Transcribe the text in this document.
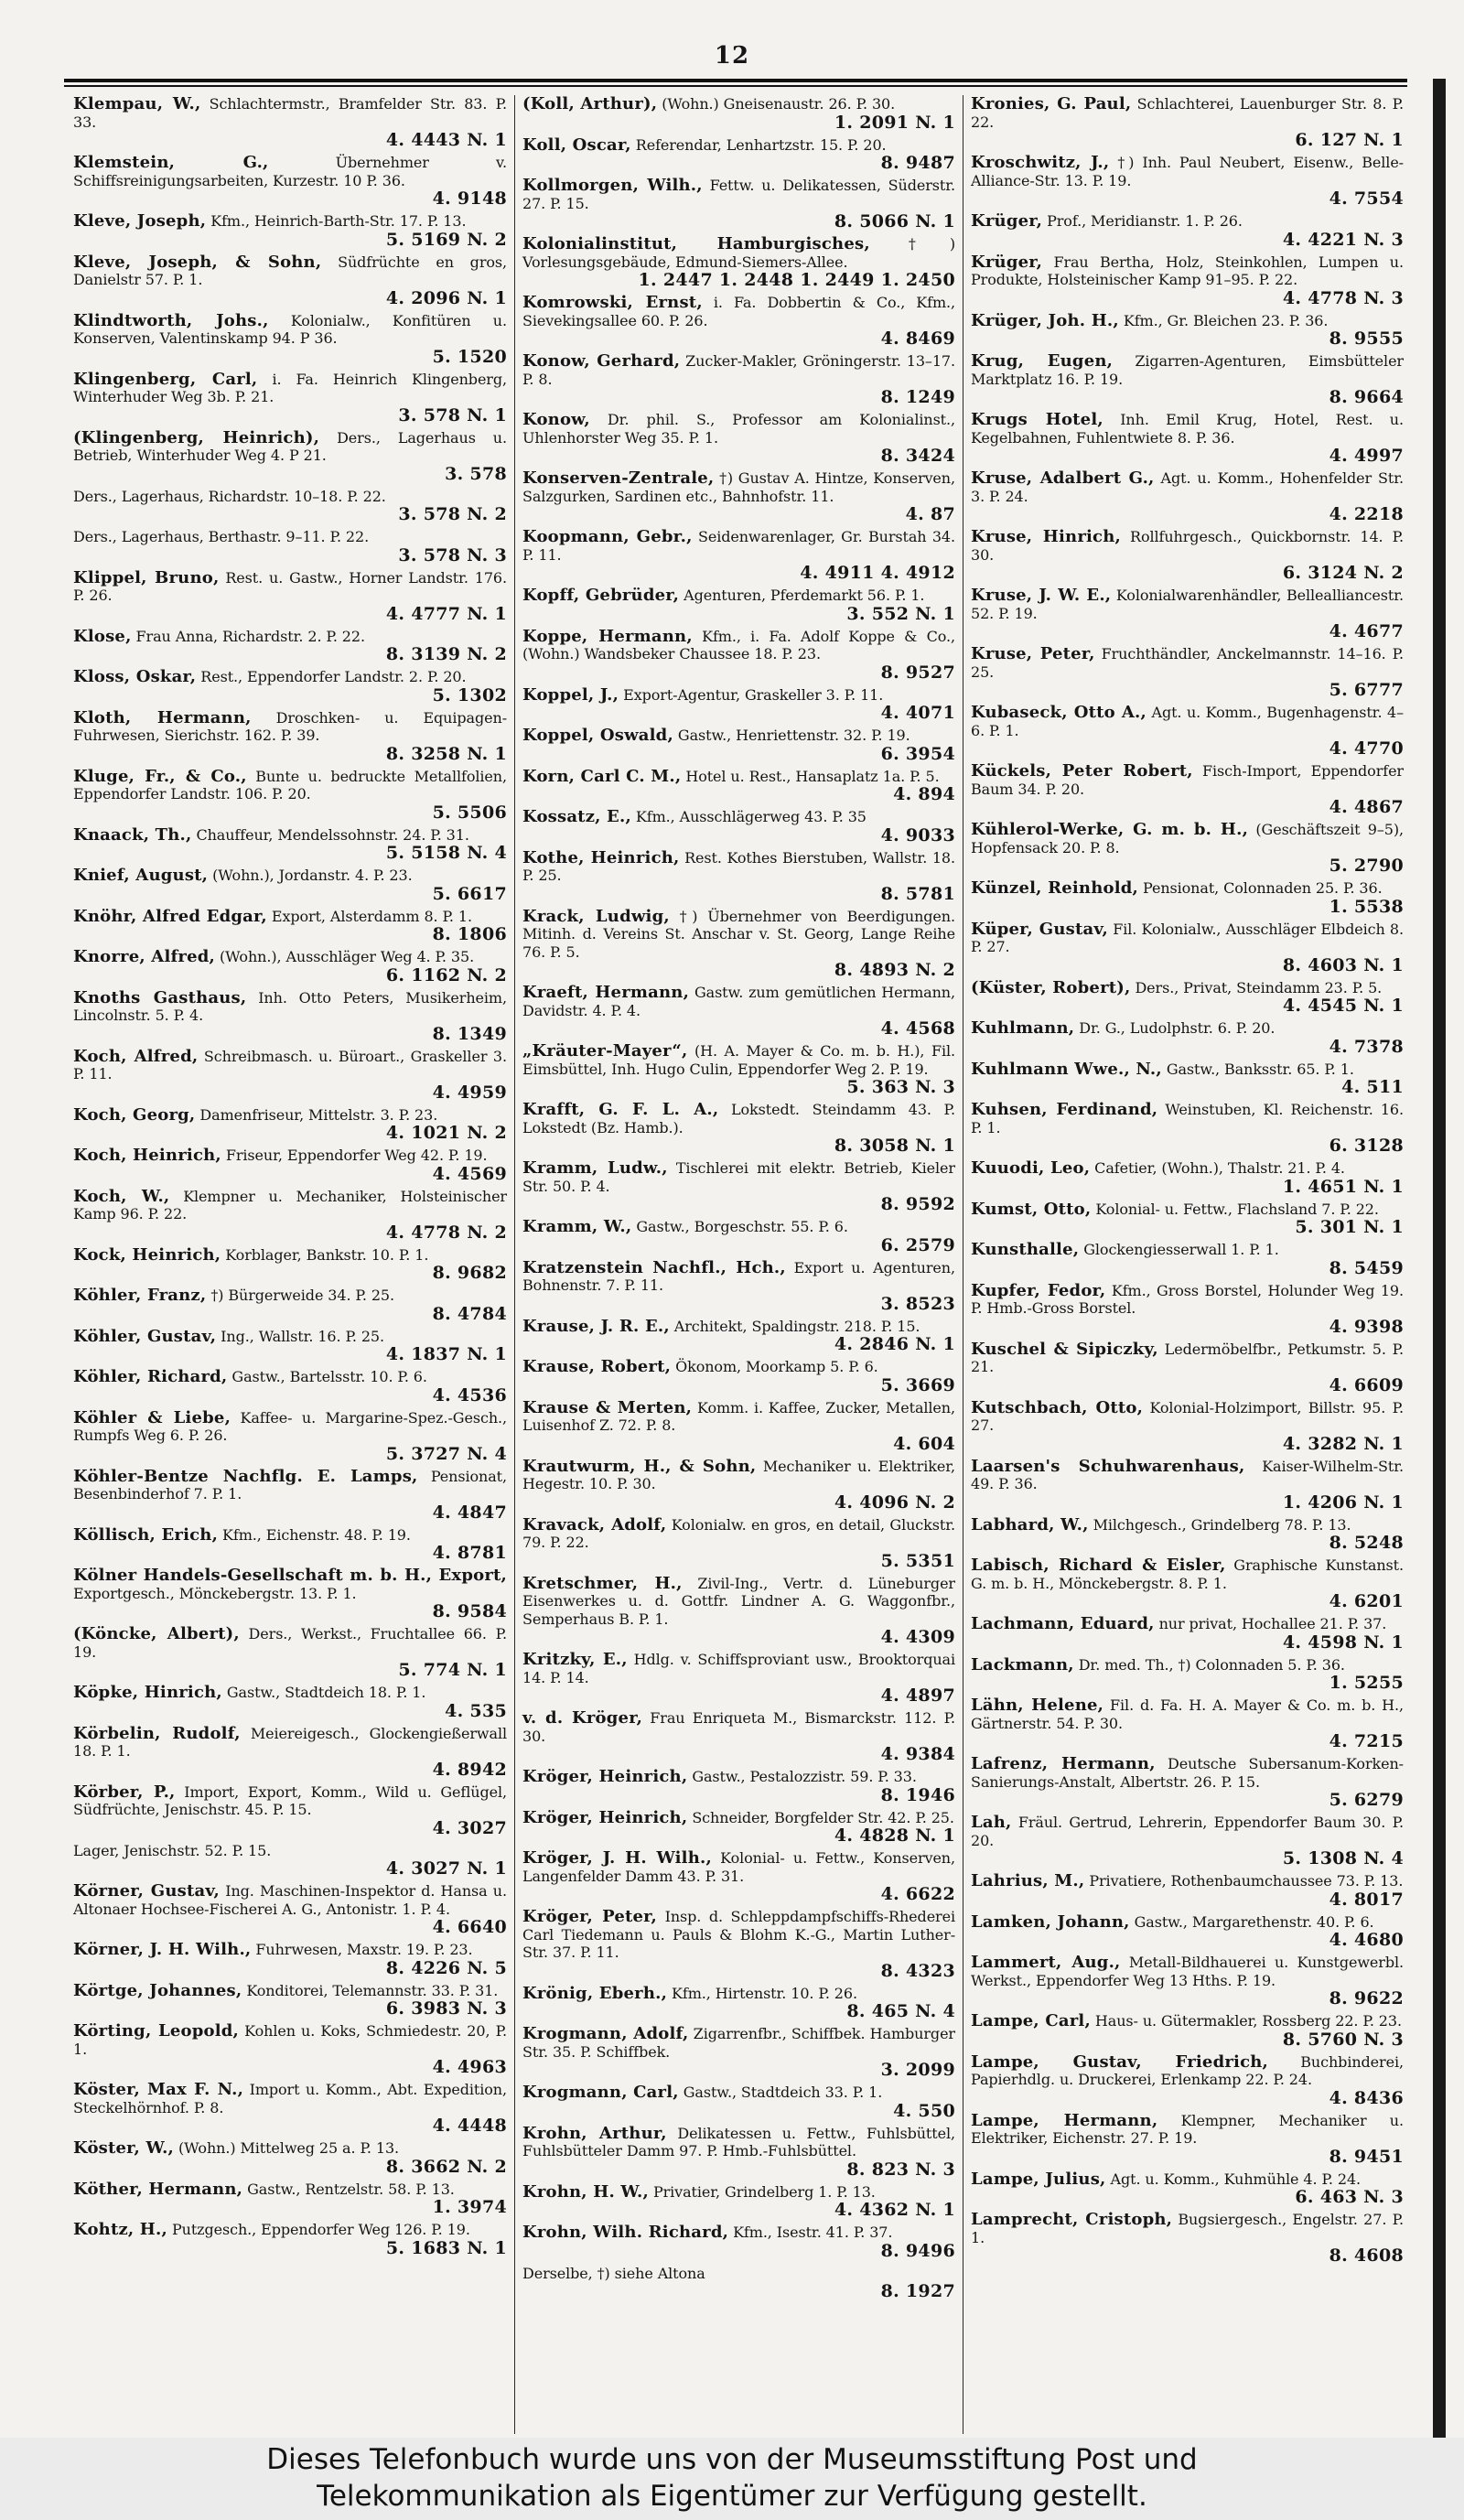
12
Klempau, W., Schlachtermstr., Bramfelder Str. 83. P. 33.
4. 4443 N. 1
Klemstein, G.,	Übernehmer v. Schiffsreinigungsarbeiten, Kurzestr. 10 P. 36.
4. 9148
Kleve, Joseph, Kfm., Heinrich-Barth-Str. 17. P. 13.
5. 5169 N. 2
Kleve, Joseph, & Sohn, Südfrüchte en gros, Danielstr 57. P. 1.
4. 2096 N. 1
Klindtworth, Johs., Kolonialw., Konfitüren u. Konserven, Valentinskamp 94. P 36.
5. 1520
Klingenberg, Carl, i. Fa. Heinrich Klingenberg, Winterhuder Weg 3b. P. 21.
3. 578 N. 1
(Klingenberg, Heinrich), Ders., Lagerhaus u. Betrieb, Winterhuder Weg 4. P 21.
3. 578
Ders., Lagerhaus, Richardstr. 10–18. P. 22.
3. 578 N. 2
Ders., Lagerhaus, Berthastr. 9–11. P. 22.
3. 578 N. 3
Klippel, Bruno, Rest. u. Gastw., Horner Landstr. 176. P. 26.
4. 4777 N. 1
Klose, Frau Anna, Richardstr. 2. P. 22.
8. 3139 N. 2
Kloss, Oskar, Rest., Eppendorfer Landstr. 2. P. 20.
5. 1302
Kloth, Hermann, Droschken- u. Equipagen-Fuhrwesen, Sierichstr. 162. P. 39.
8. 3258 N. 1
Kluge, Fr., & Co., Bunte u. bedruckte Metallfolien, Eppendorfer Landstr. 106. P. 20.
5. 5506
Knaack, Th., Chauffeur, Mendelssohnstr. 24. P. 31.
5. 5158 N. 4
Knief, August, (Wohn.), Jordanstr. 4. P. 23.
5. 6617
Knöhr, Alfred Edgar, Export, Alsterdamm 8. P. 1.
8. 1806
Knorre, Alfred, (Wohn.), Ausschläger Weg 4. P. 35.
6. 1162 N. 2
Knoths Gasthaus, Inh. Otto Peters, Musikerheim, Lincolnstr. 5. P. 4.
8. 1349
Koch, Alfred, Schreibmasch. u. Büroart., Graskeller 3. P. 11.
4. 4959
Koch, Georg, Damenfriseur, Mittelstr. 3. P. 23.
4. 1021 N. 2
Koch, Heinrich, Friseur, Eppendorfer Weg 42. P. 19.
4. 4569
Koch, W., Klempner u. Mechaniker, Holsteinischer Kamp 96. P. 22.
4. 4778 N. 2
Kock, Heinrich, Korblager, Bankstr. 10. P. 1.
8. 9682
Köhler, Franz, †) Bürgerweide 34. P. 25.
8. 4784
Köhler, Gustav, Ing., Wallstr. 16. P. 25.
4. 1837 N. 1
Köhler, Richard, Gastw., Bartelsstr. 10. P. 6.
4. 4536
Köhler & Liebe, Kaffee- u. Margarine-Spez.-Gesch., Rumpfs Weg 6. P. 26.
5. 3727 N. 4
Köhler-Bentze Nachflg. E. Lamps, Pensionat, Besenbinderhof 7. P. 1.
4. 4847
Köllisch, Erich, Kfm., Eichenstr. 48. P. 19.
4. 8781
Kölner Handels-Gesellschaft m. b. H., Export, Exportgesch., Mönckebergstr. 13. P. 1.
8. 9584
(Köncke, Albert), Ders., Werkst., Fruchtallee 66. P. 19.
5. 774 N. 1
Köpke, Hinrich, Gastw., Stadtdeich 18. P. 1.
4. 535
Körbelin, Rudolf, Meiereigesch., Glockengießerwall 18. P. 1.
4. 8942
Körber, P., Import, Export, Komm., Wild u. Geflügel, Südfrüchte, Jenischstr. 45. P. 15.
4. 3027
Lager, Jenischstr. 52. P. 15.
4. 3027 N. 1
Körner, Gustav, Ing. Maschinen-Inspektor d. Hansa u. Altonaer Hochsee-Fischerei A. G., Antonistr. 1. P. 4.
4. 6640
Körner, J. H. Wilh., Fuhrwesen, Maxstr. 19. P. 23.
8. 4226 N. 5
Körtge, Johannes, Konditorei, Telemannstr. 33. P. 31.
6. 3983 N. 3
Körting, Leopold, Kohlen u. Koks, Schmiedestr. 20, P. 1.
4. 4963
Köster, Max F. N., Import u. Komm., Abt. Expedition, Steckelhörnhof. P. 8.
4. 4448
Köster, W., (Wohn.) Mittelweg 25 a. P. 13.
8. 3662 N. 2
Köther, Hermann, Gastw., Rentzelstr. 58. P. 13.
1. 3974
Kohtz, H., Putzgesch., Eppendorfer Weg 126. P. 19.
5. 1683 N. 1
(Koll, Arthur), (Wohn.) Gneisenaustr. 26. P. 30.
1. 2091 N. 1
Koll, Oscar, Referendar, Lenhartzstr. 15. P. 20.
8. 9487
Kollmorgen, Wilh., Fettw. u. Delikatessen, Süderstr. 27. P. 15.
8. 5066 N. 1
Kolonialinstitut, Hamburgisches,	†) Vorlesungsgebäude, Edmund-Siemers-Allee.
1. 2447 1. 2448 1. 2449 1. 2450
Komrowski, Ernst, i. Fa. Dobbertin & Co., Kfm., Sievekingsallee 60. P. 26.
4. 8469
Konow, Gerhard, Zucker-Makler, Gröningerstr. 13–17. P. 8.
8. 1249
Konow, Dr. phil. S., Professor am Kolonialinst., Uhlenhorster Weg 35. P. 1.
8. 3424
Konserven-Zentrale, †) Gustav A. Hintze, Konserven, Salzgurken, Sardinen etc., Bahnhofstr. 11.
4. 87
Koopmann, Gebr., Seidenwarenlager, Gr. Burstah 34. P. 11.
4. 4911 4. 4912
Kopff, Gebrüder, Agenturen, Pferdemarkt 56. P. 1.
3. 552 N. 1
Koppe, Hermann, Kfm., i. Fa. Adolf Koppe & Co., (Wohn.) Wandsbeker Chaussee 18. P. 23.
8. 9527
Koppel, J., Export-Agentur, Graskeller 3. P. 11.
4. 4071
Koppel, Oswald, Gastw., Henriettenstr. 32. P. 19.
6. 3954
Korn, Carl C. M., Hotel u. Rest., Hansaplatz 1a. P. 5.
4. 894
Kossatz, E., Kfm., Ausschlägerweg 43. P. 35
4. 9033
Kothe, Heinrich, Rest. Kothes Bierstuben, Wallstr. 18. P. 25.
8. 5781
Krack, Ludwig, †) Übernehmer von Beerdigungen. Mitinh. d. Vereins St. Anschar v. St. Georg, Lange Reihe 76. P. 5.
8. 4893 N. 2
Kraeft, Hermann, Gastw. zum gemütlichen Hermann, Davidstr. 4. P. 4.
4. 4568
„Kräuter-Mayer“, (H. A. Mayer & Co. m. b. H.), Fil. Eimsbüttel, Inh. Hugo Culin, Eppendorfer Weg 2. P. 19.
5. 363 N. 3
Krafft, G. F. L. A., Lokstedt. Steindamm 43. P. Lokstedt (Bz. Hamb.).
8. 3058 N. 1
Kramm, Ludw., Tischlerei mit elektr. Betrieb, Kieler Str. 50. P. 4.
8. 9592
Kramm, W., Gastw., Borgeschstr. 55. P. 6.
6. 2579
Kratzenstein Nachfl., Hch., Export u. Agenturen, Bohnenstr. 7. P. 11.
3. 8523
Krause, J. R. E., Architekt, Spaldingstr. 218. P. 15.
4. 2846 N. 1
Krause, Robert, Ökonom, Moorkamp 5. P. 6.
5. 3669
Krause & Merten, Komm. i. Kaffee, Zucker, Metallen, Luisenhof Z. 72. P. 8.
4. 604
Krautwurm, H., & Sohn, Mechaniker u. Elektriker, Hegestr. 10. P. 30.
4. 4096 N. 2
Kravack, Adolf, Kolonialw. en gros, en detail, Gluckstr. 79. P. 22.
5. 5351
Kretschmer, H., Zivil-Ing., Vertr. d. Lüneburger Eisenwerkes u. d. Gottfr. Lindner A. G. Waggonfbr., Semperhaus B. P. 1.
4. 4309
Kritzky, E., Hdlg. v. Schiffsproviant usw., Brooktorquai 14. P. 14.
4. 4897
v. d. Kröger, Frau Enriqueta M., Bismarckstr. 112. P. 30.
4. 9384
Kröger, Heinrich, Gastw., Pestalozzistr. 59. P. 33.
8. 1946
Kröger, Heinrich, Schneider, Borgfelder Str. 42. P. 25.
4. 4828 N. 1
Kröger, J. H. Wilh., Kolonial- u. Fettw., Konserven, Langenfelder Damm 43. P. 31.
4. 6622
Kröger, Peter, Insp. d. Schleppdampfschiffs-Rhederei Carl Tiedemann u. Pauls & Blohm K.-G., Martin Luther-Str. 37. P. 11.
8. 4323
Krönig, Eberh., Kfm., Hirtenstr. 10. P. 26.
8. 465 N. 4
Krogmann, Adolf, Zigarrenfbr., Schiffbek. Hamburger Str. 35. P. Schiffbek.
3. 2099
Krogmann, Carl, Gastw., Stadtdeich 33. P. 1.
4. 550
Krohn, Arthur, Delikatessen u. Fettw., Fuhlsbüttel, Fuhlsbütteler Damm 97. P. Hmb.-Fuhlsbüttel.
8. 823 N. 3
Krohn, H. W., Privatier, Grindelberg 1. P. 13.
4. 4362 N. 1
Krohn, Wilh. Richard, Kfm., Isestr. 41. P. 37.
8. 9496
Derselbe, †) siehe Altona
8. 1927
Kronies, G. Paul, Schlachterei, Lauenburger Str. 8. P. 22.
6. 127 N. 1
Kroschwitz, J., †) Inh. Paul Neubert, Eisenw., Belle-Alliance-Str. 13. P. 19.
4. 7554
Krüger, Prof., Meridianstr. 1. P. 26.
4. 4221 N. 3
Krüger, Frau Bertha, Holz, Steinkohlen, Lumpen u. Produkte, Holsteinischer Kamp 91–95. P. 22.
4. 4778 N. 3
Krüger, Joh. H., Kfm., Gr. Bleichen 23. P. 36.
8. 9555
Krug, Eugen, Zigarren-Agenturen, Eimsbütteler Marktplatz 16. P. 19.
8. 9664
Krugs Hotel, Inh. Emil Krug, Hotel, Rest. u. Kegelbahnen, Fuhlentwiete 8. P. 36.
4. 4997
Kruse, Adalbert G., Agt. u. Komm., Hohenfelder Str. 3. P. 24.
4. 2218
Kruse, Hinrich, Rollfuhrgesch., Quickbornstr. 14. P. 30.
6. 3124 N. 2
Kruse, J. W. E., Kolonialwarenhändler, Bellealliancestr. 52. P. 19.
4. 4677
Kruse, Peter, Fruchthändler, Anckelmannstr. 14–16. P. 25.
5. 6777
Kubaseck, Otto A., Agt. u. Komm., Bugenhagenstr. 4–6. P. 1.
4. 4770
Kückels, Peter Robert, Fisch-Import, Eppendorfer Baum 34. P. 20.
4. 4867
Kühlerol-Werke, G. m. b. H., (Geschäftszeit 9–5), Hopfensack 20. P. 8.
5. 2790
Künzel, Reinhold, Pensionat, Colonnaden 25. P. 36.
1. 5538
Küper, Gustav, Fil. Kolonialw., Ausschläger Elbdeich 8. P. 27.
8. 4603 N. 1
(Küster, Robert), Ders., Privat, Steindamm 23. P. 5.
4. 4545 N. 1
Kuhlmann, Dr. G., Ludolphstr. 6. P. 20.
4. 7378
Kuhlmann Wwe., N., Gastw., Banksstr. 65. P. 1.
4. 511
Kuhsen, Ferdinand, Weinstuben, Kl. Reichenstr. 16. P. 1.
6. 3128
Kuuodi, Leo, Cafetier, (Wohn.), Thalstr. 21. P. 4.
1. 4651 N. 1
Kumst, Otto, Kolonial- u. Fettw., Flachsland 7. P. 22.
5. 301 N. 1
Kunsthalle, Glockengiesserwall 1. P. 1.
8. 5459
Kupfer, Fedor, Kfm., Gross Borstel, Holunder Weg 19. P. Hmb.-Gross Borstel.
4. 9398
Kuschel & Sipiczky, Ledermöbelfbr., Petkumstr. 5. P. 21.
4. 6609
Kutschbach, Otto, Kolonial-Holzimport, Billstr. 95. P. 27.
4. 3282 N. 1
Laarsen's Schuhwarenhaus, Kaiser-Wilhelm-Str. 49. P. 36.
1. 4206 N. 1
Labhard, W., Milchgesch., Grindelberg 78. P. 13.
8. 5248
Labisch, Richard & Eisler, Graphische Kunstanst. G. m. b. H., Mönckebergstr. 8. P. 1.
4. 6201
Lachmann, Eduard, nur privat, Hochallee 21. P. 37.
4. 4598 N. 1
Lackmann, Dr. med. Th., †) Colonnaden 5. P. 36.
1. 5255
Lähn, Helene, Fil. d. Fa. H. A. Mayer & Co. m. b. H., Gärtnerstr. 54. P. 30.
4. 7215
Lafrenz, Hermann, Deutsche Subersanum-Korken-Sanierungs-Anstalt, Albertstr. 26. P. 15.
5. 6279
Lah, Fräul. Gertrud, Lehrerin, Eppendorfer Baum 30. P. 20.
5. 1308 N. 4
Lahrius, M., Privatiere, Rothenbaumchaussee 73. P. 13.
4. 8017
Lamken, Johann, Gastw., Margarethenstr. 40. P. 6.
4. 4680
Lammert, Aug., Metall-Bildhauerei u. Kunstgewerbl. Werkst., Eppendorfer Weg 13 Hths. P. 19.
8. 9622
Lampe, Carl, Haus- u. Gütermakler, Rossberg 22. P. 23.
8. 5760 N. 3
Lampe, Gustav, Friedrich, Buchbinderei, Papierhdlg. u. Druckerei, Erlenkamp 22. P. 24.
4. 8436
Lampe, Hermann, Klempner, Mechaniker u. Elektriker, Eichenstr. 27. P. 19.
8. 9451
Lampe, Julius, Agt. u. Komm., Kuhmühle 4. P. 24.
6. 463 N. 3
Lamprecht, Cristoph, Bugsiergesch., Engelstr. 27. P. 1.
8. 4608
Dieses Telefonbuch wurde uns von der Museumsstiftung Post und
Telekommunikation als Eigentümer zur Verfügung gestellt.
